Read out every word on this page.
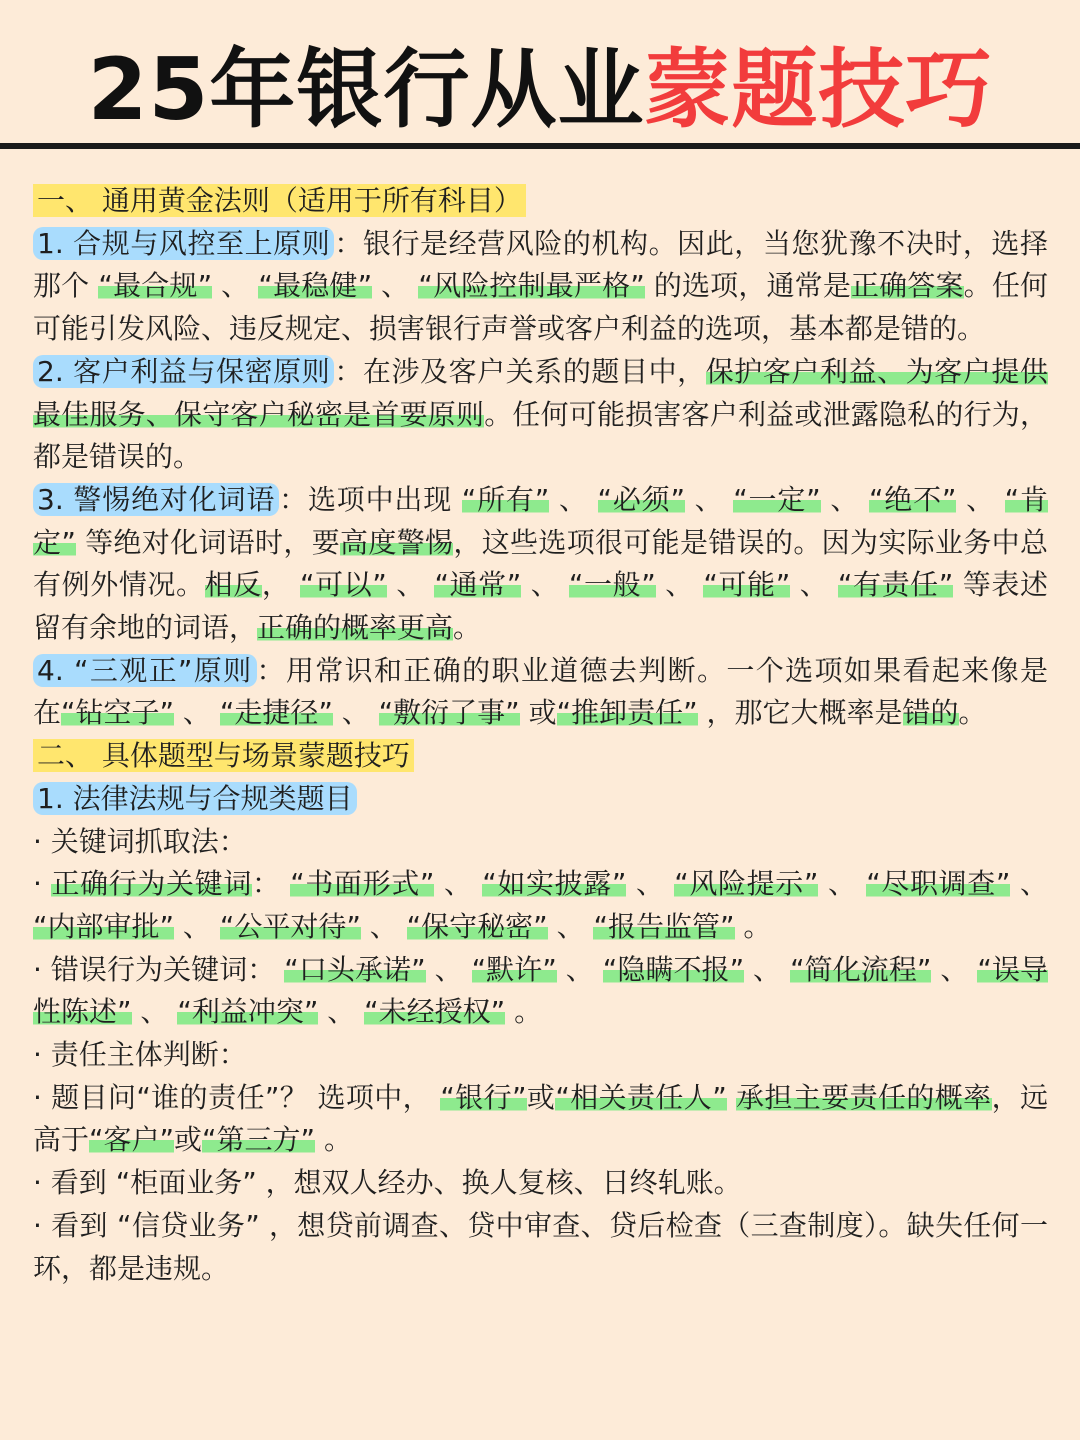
25年银行从业蒙题技巧
一、 通用黄金法则（适用于所有科目）
1. 合规与风控至上原则 ：银行是经营风险的机构。因此，当您犹豫不决时，选择那个 “最合规” 、 “最稳健” 、 “风险控制最严格” 的选项，通常是正确答案。任何可能引发风险、违反规定、损害银行声誉或客户利益的选项，基本都是错的。
2. 客户利益与保密原则 ：在涉及客户关系的题目中，保护客户利益、为客户提供最佳服务、保守客户秘密是首要原则。任何可能损害客户利益或泄露隐私的行为，都是错误的。
3. 警惕绝对化词语 ：选项中出现 “所有” 、 “必须” 、 “一定” 、 “绝不” 、 “肯定” 等绝对化词语时，要高度警惕，这些选项很可能是错误的。因为实际业务中总有例外情况。相反， “可以” 、 “通常” 、 “一般” 、 “可能” 、 “有责任” 等表述留有余地的词语，正确的概率更高。
4. “三观正”原则 ：用常识和正确的职业道德去判断。一个选项如果看起来像是在“钻空子” 、 “走捷径” 、 “敷衍了事” 或“推卸责任” ，那它大概率是错的。
二、 具体题型与场景蒙题技巧
1. 法律法规与合规类题目
· 关键词抓取法：
· 正确行为关键词： “书面形式” 、 “如实披露” 、 “风险提示” 、 “尽职调查” 、 “内部审批” 、 “公平对待” 、 “保守秘密” 、 “报告监管” 。
· 错误行为关键词： “口头承诺” 、 “默许” 、 “隐瞒不报” 、 “简化流程” 、 “误导性陈述” 、 “利益冲突” 、 “未经授权” 。
· 责任主体判断：
· 题目问“谁的责任”？ 选项中， “银行”或“相关责任人” 承担主要责任的概率，远高于“客户”或“第三方” 。
· 看到 “柜面业务” ，想双人经办、换人复核、日终轧账。
· 看到 “信贷业务” ，想贷前调查、贷中审查、贷后检查（三查制度）。缺失任何一环，都是违规。
